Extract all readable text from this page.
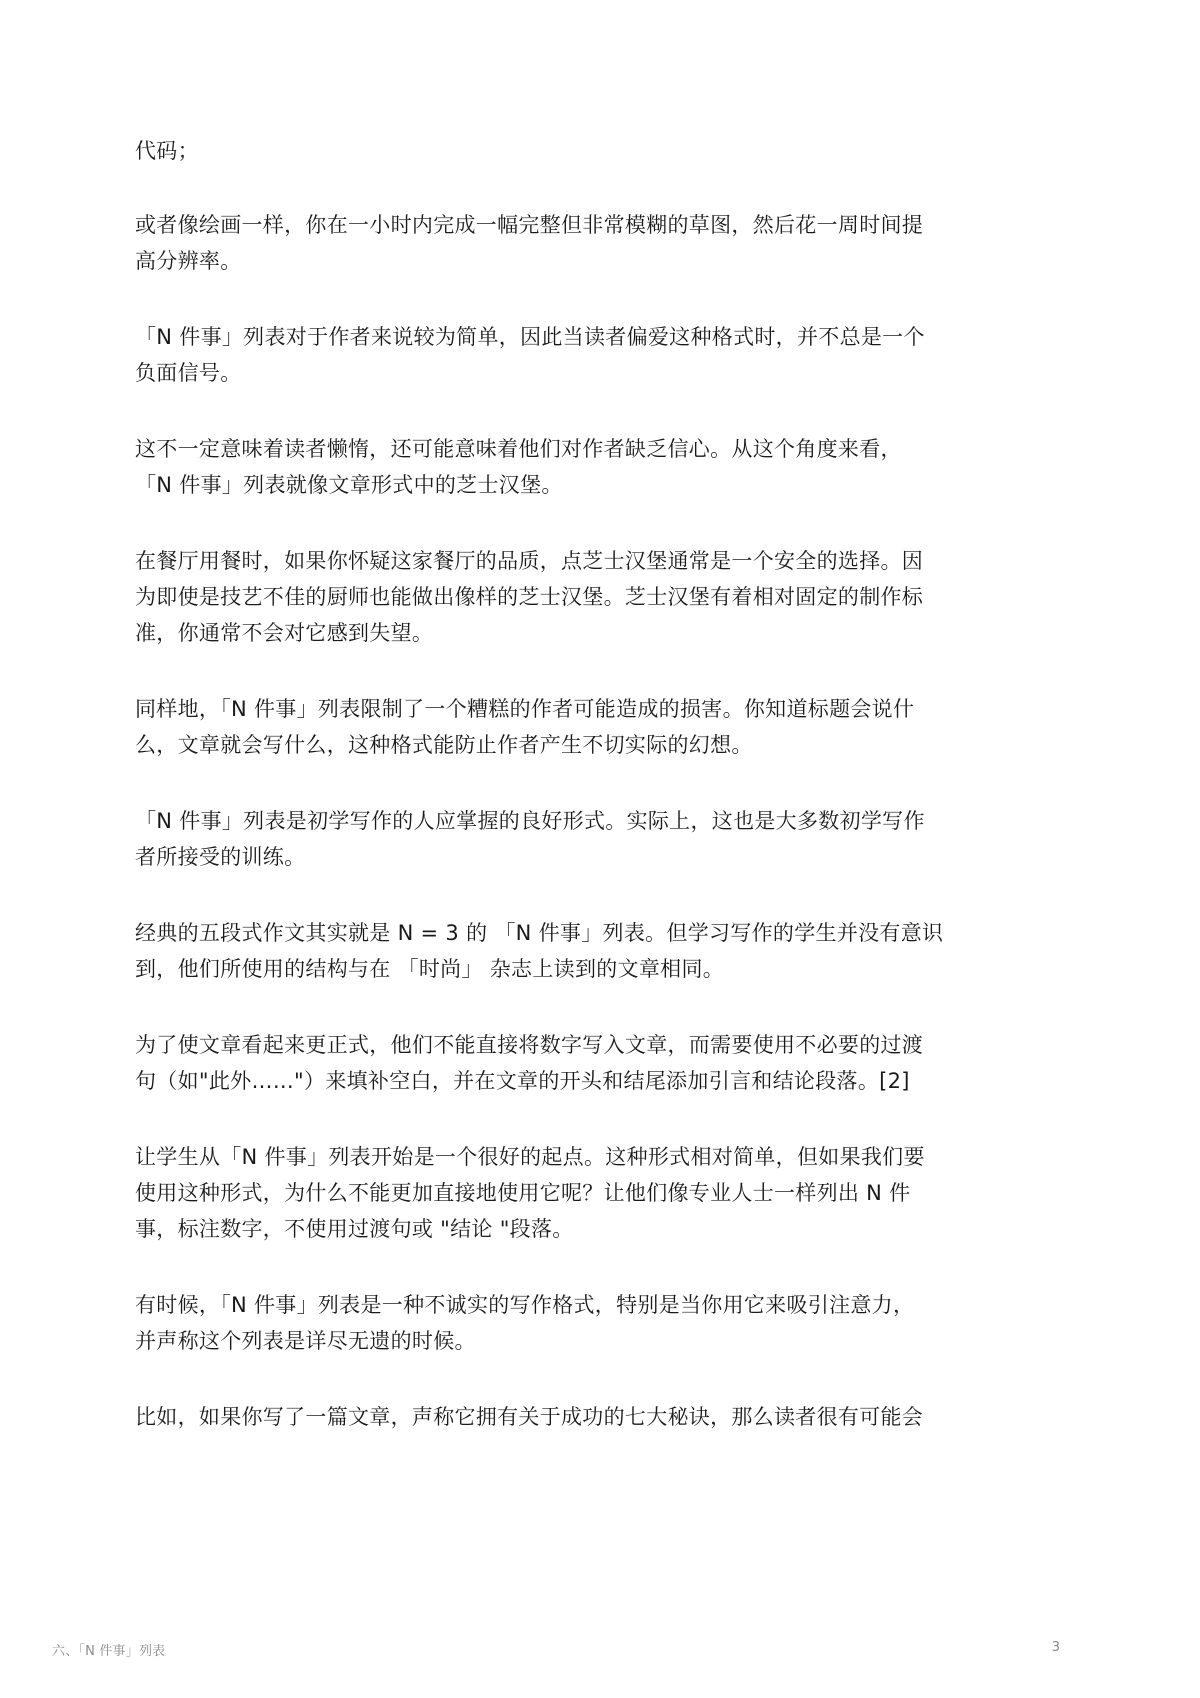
代码；

或者像绘画一样，你在一小时内完成一幅完整但非常模糊的草图，然后花一周时间提
高分辨率。

「N 件事」列表对于作者来说较为简单，因此当读者偏爱这种格式时，并不总是一个
负面信号。

这不一定意味着读者懒惰，还可能意味着他们对作者缺乏信心。从这个角度来看，
「N 件事」列表就像文章形式中的芝士汉堡。

在餐厅用餐时，如果你怀疑这家餐厅的品质，点芝士汉堡通常是一个安全的选择。因
为即使是技艺不佳的厨师也能做出像样的芝士汉堡。芝士汉堡有着相对固定的制作标
准，你通常不会对它感到失望。

同样地，「N 件事」列表限制了一个糟糕的作者可能造成的损害。你知道标题会说什
么，文章就会写什么，这种格式能防止作者产生不切实际的幻想。

「N 件事」列表是初学写作的人应掌握的良好形式。实际上，这也是大多数初学写作
者所接受的训练。

经典的五段式作文其实就是 N = 3 的 「N 件事」列表。但学习写作的学生并没有意识
到，他们所使用的结构与在 「时尚」 杂志上读到的文章相同。

为了使文章看起来更正式，他们不能直接将数字写入文章，而需要使用不必要的过渡
句（如"此外……"）来填补空白，并在文章的开头和结尾添加引言和结论段落。[2]

让学生从「N 件事」列表开始是一个很好的起点。这种形式相对简单，但如果我们要
使用这种形式，为什么不能更加直接地使用它呢？让他们像专业人士一样列出 N 件
事，标注数字，不使用过渡句或 "结论 "段落。

有时候，「N 件事」列表是一种不诚实的写作格式，特别是当你用它来吸引注意力，
并声称这个列表是详尽无遗的时候。

比如，如果你写了一篇文章，声称它拥有关于成功的七大秘诀，那么读者很有可能会

六、「N 件事」列表	3
